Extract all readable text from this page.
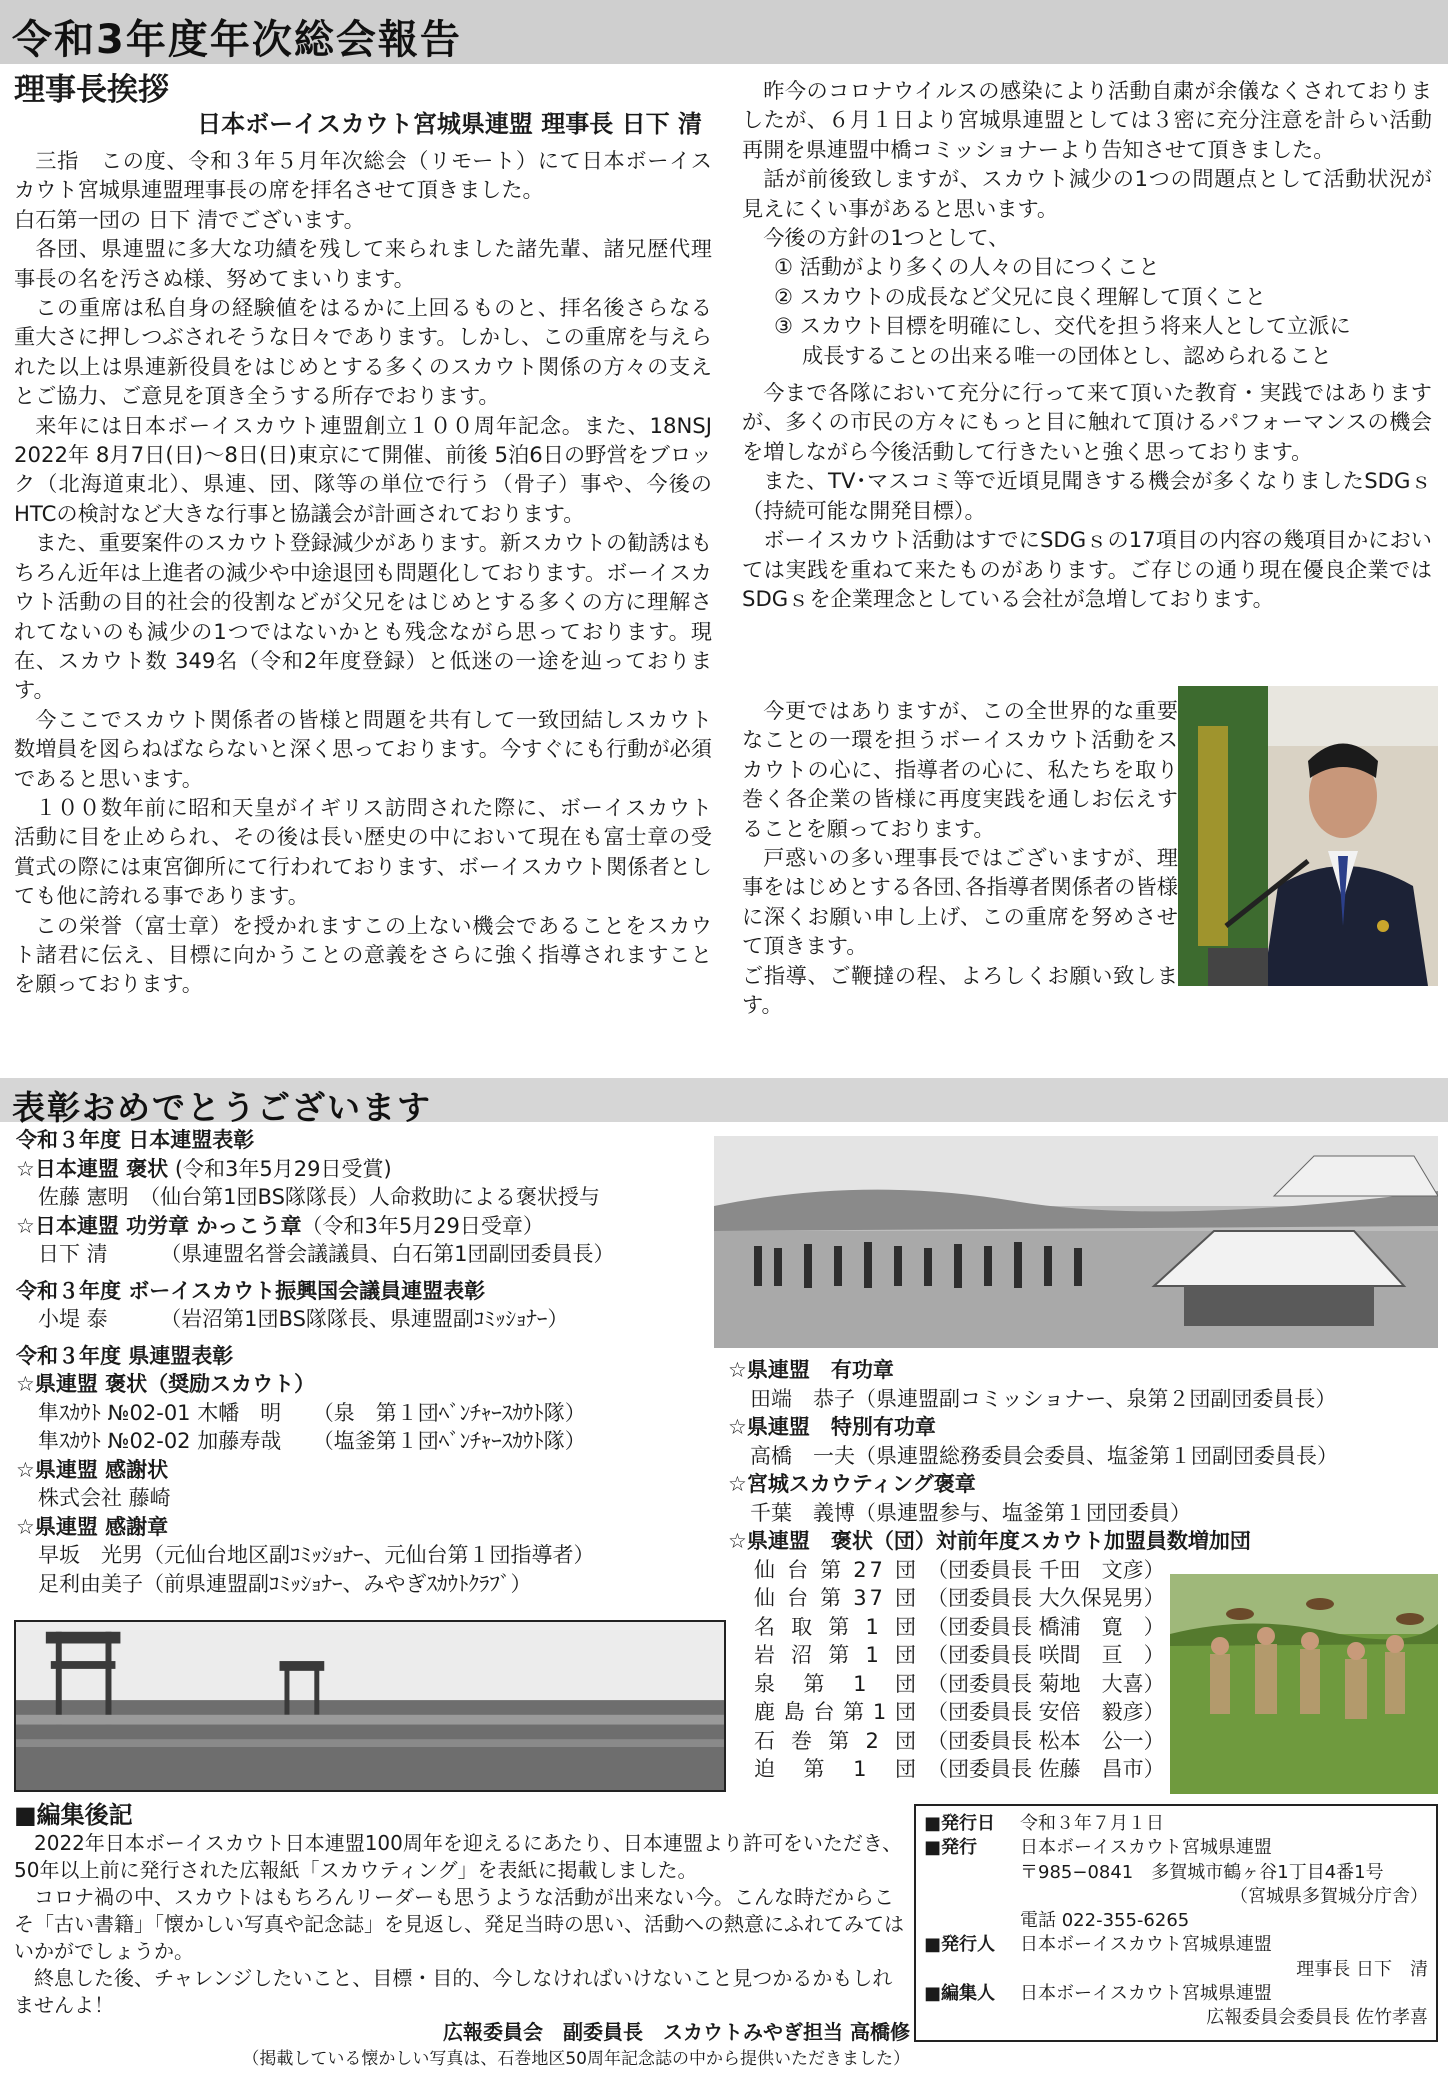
令和3年度年次総会報告
理事長挨拶
日本ボーイスカウト宮城県連盟 理事長 日下 清

三指　この度、令和３年５月年次総会（リモート）にて日本ボーイスカウト宮城県連盟理事長の席を拝名させて頂きました。

白石第一団の 日下 清でございます。

各団、県連盟に多大な功績を残して来られました諸先輩、諸兄歴代理事長の名を汚さぬ様、努めてまいります。

この重席は私自身の経験値をはるかに上回るものと、拝名後さらなる重大さに押しつぶされそうな日々であります。しかし、この重席を与えられた以上は県連新役員をはじめとする多くのスカウト関係の方々の支えとご協力、ご意見を頂き全うする所存でおります。

来年には日本ボーイスカウト連盟創立１００周年記念。また、18NSJ 2022年 8月7日(日)～8日(日)東京にて開催、前後 5泊6日の野営をブロック（北海道東北）、県連、団、隊等の単位で行う（骨子）事や、今後のHTCの検討など大きな行事と協議会が計画されております。

また、重要案件のスカウト登録減少があります。新スカウトの勧誘はもちろん近年は上進者の減少や中途退団も問題化しております。ボーイスカウト活動の目的社会的役割などが父兄をはじめとする多くの方に理解されてないのも減少の1つではないかとも残念ながら思っております。現在、スカウト数 349名（令和2年度登録）と低迷の一途を辿っております。

今ここでスカウト関係者の皆様と問題を共有して一致団結しスカウト数増員を図らねばならないと深く思っております。今すぐにも行動が必須であると思います。

１００数年前に昭和天皇がイギリス訪問された際に、ボーイスカウト活動に目を止められ、その後は長い歴史の中において現在も富士章の受賞式の際には東宮御所にて行われております、ボーイスカウト関係者としても他に誇れる事であります。

この栄誉（富士章）を授かれますこの上ない機会であることをスカウト諸君に伝え、目標に向かうことの意義をさらに強く指導されますことを願っております。

昨今のコロナウイルスの感染により活動自粛が余儀なくされておりましたが、６月１日より宮城県連盟としては３密に充分注意を計らい活動再開を県連盟中橋コミッショナーより告知させて頂きました。

話が前後致しますが、スカウト減少の1つの問題点として活動状況が見えにくい事があると思います。

今後の方針の1つとして、

① 活動がより多くの人々の目につくこと
② スカウトの成長など父兄に良く理解して頂くこと
③ スカウト目標を明確にし、交代を担う将来人として立派に
成長することの出来る唯一の団体とし、認められること

今まで各隊において充分に行って来て頂いた教育・実践ではありますが、多くの市民の方々にもっと目に触れて頂けるパフォーマンスの機会を増しながら今後活動して行きたいと強く思っております。

また、TV･マスコミ等で近頃見聞きする機会が多くなりましたSDGｓ（持続可能な開発目標）。

ボーイスカウト活動はすでにSDGｓの17項目の内容の幾項目かにおいては実践を重ねて来たものがあります。ご存じの通り現在優良企業ではSDGｓを企業理念としている会社が急増しております。

今更ではありますが、この全世界的な重要なことの一環を担うボーイスカウト活動をスカウトの心に、指導者の心に、私たちを取り巻く各企業の皆様に再度実践を通しお伝えすることを願っております。

戸惑いの多い理事長ではございますが、理事をはじめとする各団､各指導者関係者の皆様に深くお願い申し上げ、この重席を努めさせて頂きます。

ご指導、ご鞭撻の程、よろしくお願い致します。

表彰おめでとうございます
令和３年度 日本連盟表彰
☆日本連盟 褒状 (令和3年5月29日受賞)
佐藤 憲明　 （仙台第1団BS隊隊長）人命救助による褒状授与
☆日本連盟 功労章 かっこう章（令和3年5月29日受章）
日下 清　　　	（県連盟名誉会議議員、白石第1団副団委員長）
令和３年度 ボーイスカウト振興国会議員連盟表彰
小堤 泰　　　	（岩沼第1団BS隊隊長、県連盟副ｺﾐｯｼｮﾅｰ）
令和３年度 県連盟表彰
☆県連盟 褒状（奨励スカウト）
隼ｽｶｳﾄ №02-01 木幡　明　　（泉　第１団ﾍﾞﾝﾁｬｰｽｶｳﾄ隊）
隼ｽｶｳﾄ №02-02 加藤寿哉　　（塩釜第１団ﾍﾞﾝﾁｬｰｽｶｳﾄ隊）
☆県連盟 感謝状
株式会社 藤崎
☆県連盟 感謝章
早坂　光男（元仙台地区副ｺﾐｯｼｮﾅｰ、元仙台第１団指導者）
足利由美子（前県連盟副ｺﾐｯｼｮﾅｰ、みやぎｽｶｳﾄｸﾗﾌﾞ）
☆県連盟　有功章
田端　恭子（県連盟副コミッショナー、泉第２団副団委員長）
☆県連盟　特別有功章
高橋　一夫（県連盟総務委員会委員、塩釜第１団副団委員長）
☆宮城スカウティング褒章
千葉　義博（県連盟参与、塩釜第１団団委員）
☆県連盟　褒状（団）対前年度スカウト加盟員数増加団
仙台第27団 （団委員長 千田　文彦）
仙台第37団 （団委員長 大久保晃男）
名取第1団 （団委員長 橋浦　寛　）
岩沼第1団 （団委員長 咲間　亘　）
泉第1団 （団委員長 菊地　大喜）
鹿島台第1団 （団委員長 安倍　毅彦）
石巻第2団 （団委員長 松本　公一）
迫第1団 （団委員長 佐藤　昌市）
■編集後記

2022年日本ボーイスカウト日本連盟100周年を迎えるにあたり、日本連盟より許可をいただき、50年以上前に発行された広報紙「スカウティング」を表紙に掲載しました。

コロナ禍の中、スカウトはもちろんリーダーも思うような活動が出来ない今。こんな時だからこそ「古い書籍」「懐かしい写真や記念誌」を見返し、発足当時の思い、活動への熱意にふれてみてはいかがでしょうか。

終息した後、チャレンジしたいこと、目標・目的、今しなければいけないこと見つかるかもしれませんよ！

広報委員会　副委員長　スカウトみやぎ担当 高橋修
（掲載している懐かしい写真は、石巻地区50周年記念誌の中から提供いただきました）
■発行日	令和３年７月１日
■発行	日本ボーイスカウト宮城県連盟
〒985−0841　多賀城市鶴ヶ谷1丁目4番1号
（宮城県多賀城分庁舎）
電話 022-355-6265
■発行人	日本ボーイスカウト宮城県連盟
理事長 日下　清
■編集人	日本ボーイスカウト宮城県連盟
広報委員会委員長 佐竹孝喜
